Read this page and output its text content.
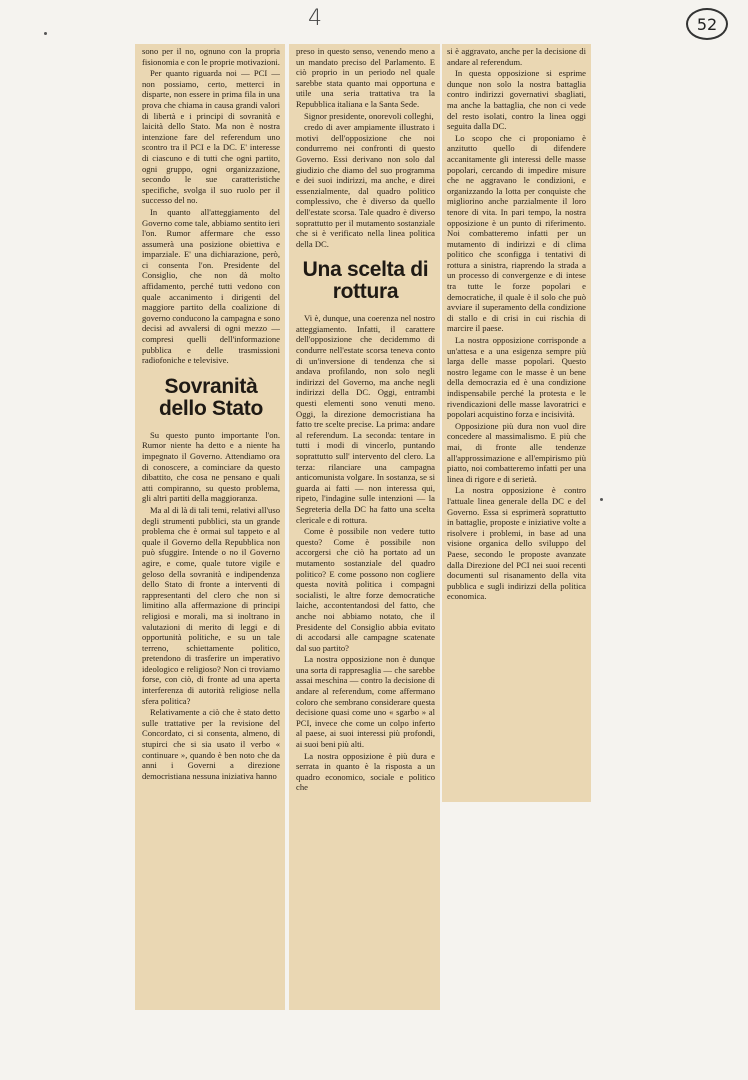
4	52

sono per il no, ognuno con la propria fisionomia e con le proprie motivazioni.

Per quanto riguarda noi — PCI — non possiamo, certo, metterci in disparte, non essere in prima fila in una prova che chiama in causa grandi valori di libertà e i principi di sovranità e laicità dello Stato. Ma non è nostra intenzione fare del referendum uno scontro tra il PCI e la DC. E' interesse di ciascuno e di tutti che ogni partito, ogni gruppo, ogni organizzazione, secondo le sue caratteristiche specifiche, svolga il suo ruolo per il successo del no.

In quanto all'atteggiamento del Governo come tale, abbiamo sentito ieri l'on. Rumor affermare che esso assumerà una posizione obiettiva e imparziale. E' una dichiarazione, però, ci consenta l'on. Presidente del Consiglio, che non dà molto affidamento, perché tutti vedono con quale accanimento i dirigenti del maggiore partito della coalizione di governo conducono la campagna e sono decisi ad avvalersi di ogni mezzo — compresi quelli dell'informazione pubblica e delle trasmissioni radiofoniche e televisive.

Sovranità dello Stato

Su questo punto importante l'on. Rumor niente ha detto e a niente ha impegnato il Governo. Attendiamo ora di conoscere, a cominciare da questo dibattito, che cosa ne pensano e quali atti compiranno, su questo problema, gli altri partiti della maggioranza.

Ma al di là di tali temi, relativi all'uso degli strumenti pubblici, sta un grande problema che è ormai sul tappeto e al quale il Governo della Repubblica non può sfuggire. Intende o no il Governo agire, e come, quale tutore vigile e geloso della sovranità e indipendenza dello Stato di fronte a interventi di rappresentanti del clero che non si limitino alla affermazione di principi religiosi e morali, ma si inoltrano in valutazioni di merito di leggi e di opportunità politiche, e su un tale terreno, schiettamente politico, pretendono di trasferire un imperativo ideologico e religioso? Non ci troviamo forse, con ciò, di fronte ad una aperta interferenza di autorità religiose nella sfera politica?

Relativamente a ciò che è stato detto sulle trattative per la revisione del Concordato, ci si consenta, almeno, di stupirci che si sia usato il verbo « continuare », quando è ben noto che da anni i Governi a direzione democristiana nessuna iniziativa hanno

preso in questo senso, venendo meno a un mandato preciso del Parlamento. E ciò proprio in un periodo nel quale sarebbe stata quanto mai opportuna e utile una seria trattativa tra la Repubblica italiana e la Santa Sede.

Signor presidente, onorevoli colleghi,

credo di aver ampiamente illustrato i motivi dell'opposizione che noi condurremo nei confronti di questo Governo. Essi derivano non solo dal giudizio che diamo del suo programma e dei suoi indirizzi, ma anche, e direi essenzialmente, dal quadro politico complessivo, che è diverso da quello dell'estate scorsa. Tale quadro è diverso soprattutto per il mutamento sostanziale che si è verificato nella linea politica della DC.

Una scelta di rottura

Vi è, dunque, una coerenza nel nostro atteggiamento. Infatti, il carattere dell'opposizione che decidemmo di condurre nell'estate scorsa teneva conto di un'inversione di tendenza che si andava profilando, non solo negli indirizzi del Governo, ma anche negli indirizzi della DC. Oggi, entrambi questi elementi sono venuti meno. Oggi, la direzione democristiana ha fatto tre scelte precise. La prima: andare al referendum. La seconda: tentare in tutti i modi di vincerlo, puntando soprattutto sull' intervento del clero. La terza: rilanciare una campagna anticomunista volgare. In sostanza, se si guarda ai fatti — non interessa qui, ripeto, l'indagine sulle intenzioni — la Segreteria della DC ha fatto una scelta clericale e di rottura.

Come è possibile non vedere tutto questo? Come è possibile non accorgersi che ciò ha portato ad un mutamento sostanziale del quadro politico? E come possono non cogliere questa novità politica i compagni socialisti, le altre forze democratiche laiche, accontentandosi del fatto, che anche noi abbiamo notato, che il Presidente del Consiglio abbia evitato di accodarsi alle campagne scatenate dal suo partito?

La nostra opposizione non è dunque una sorta di rappresaglia — che sarebbe assai meschina — contro la decisione di andare al referendum, come affermano coloro che sembrano considerare questa decisione quasi come uno « sgarbo » al PCI, invece che come un colpo inferto al paese, ai suoi interessi più profondi, ai suoi beni più alti.

La nostra opposizione è più dura e serrata in quanto è la risposta a un quadro economico, sociale e politico che

si è aggravato, anche per la decisione di andare al referendum.

In questa opposizione si esprime dunque non solo la nostra battaglia contro indirizzi governativi sbagliati, ma anche la battaglia, che non ci vede del resto isolati, contro la linea oggi seguita dalla DC.

Lo scopo che ci proponiamo è anzitutto quello di difendere accanitamente gli interessi delle masse popolari, cercando di impedire misure che ne aggravano le condizioni, e organizzando la lotta per conquiste che migliorino anche parzialmente il loro tenore di vita. In pari tempo, la nostra opposizione è un punto di riferimento. Noi combatteremo infatti per un mutamento di indirizzi e di clima politico che sconfigga i tentativi di rottura a sinistra, riaprendo la strada a un processo di convergenze e di intese tra tutte le forze popolari e democratiche, il quale è il solo che può avviare il superamento della condizione di stallo e di crisi in cui rischia di marcire il paese.

La nostra opposizione corrisponde a un'attesa e a una esigenza sempre più larga delle masse popolari. Questo nostro legame con le masse è un bene della democrazia ed è una condizione indispensabile perché la protesta e le rivendicazioni delle masse lavoratrici e popolari acquistino forza e incisività.

Opposizione più dura non vuol dire concedere al massimalismo. E più che mai, di fronte alle tendenze all'approssimazione e all'empirismo più piatto, noi combatteremo infatti per una linea di rigore e di serietà.

La nostra opposizione è contro l'attuale linea generale della DC e del Governo. Essa si esprimerà soprattutto in battaglie, proposte e iniziative volte a risolvere i problemi, in base ad una visione organica dello sviluppo del Paese, secondo le proposte avanzate dalla Direzione del PCI nei suoi recenti documenti sul risanamento della vita pubblica e sugli indirizzi della politica economica.
